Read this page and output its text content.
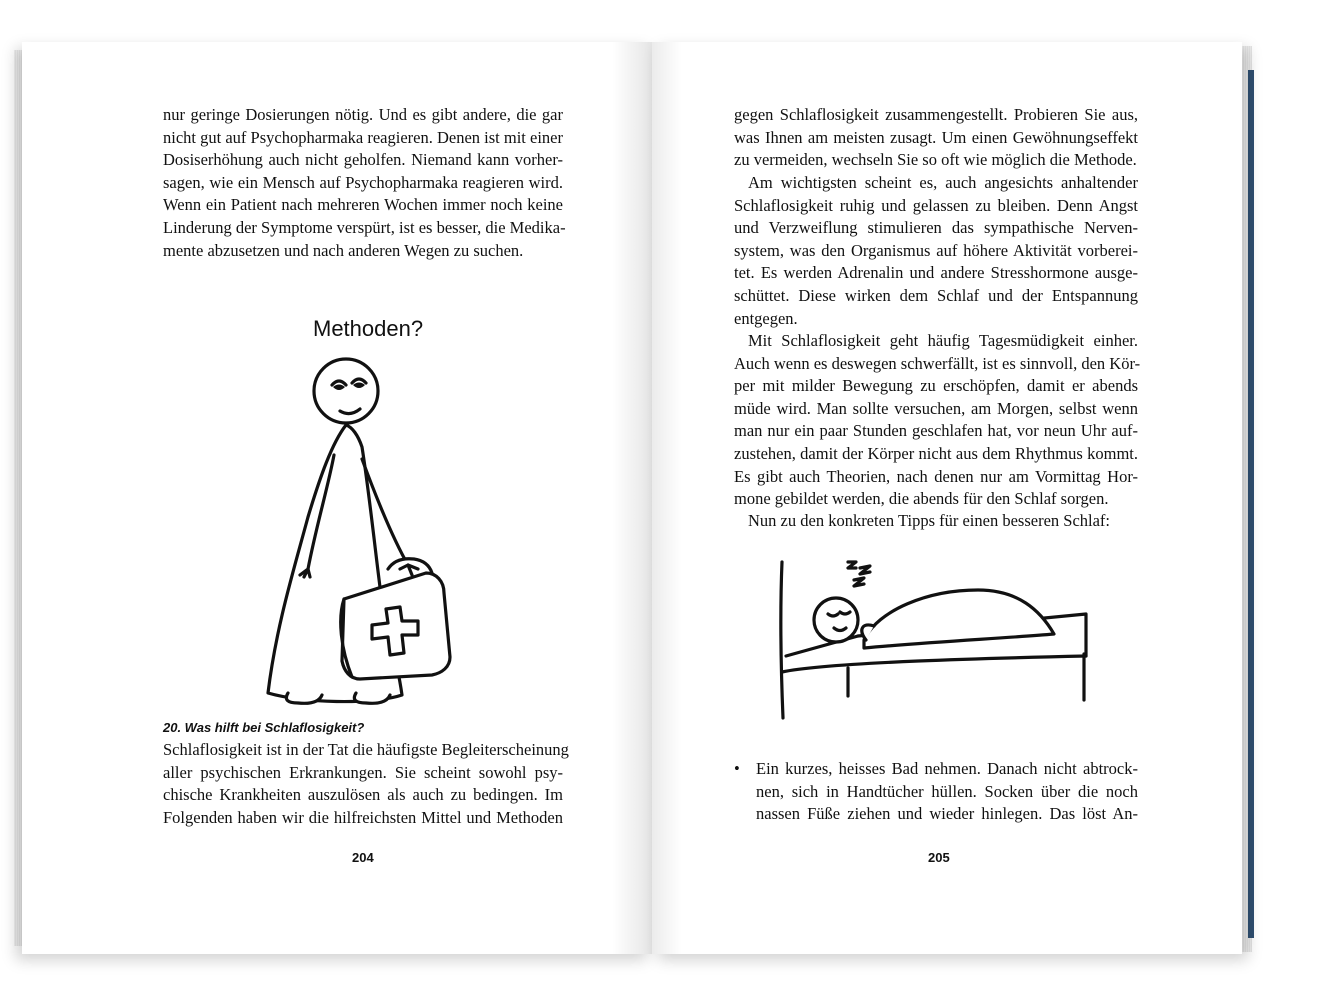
nur geringe Dosierungen nötig. Und es gibt andere, die gar
nicht gut auf Psychopharmaka reagieren. Denen ist mit einer
Dosiserhöhung auch nicht geholfen. Niemand kann vorher-
sagen, wie ein Mensch auf Psychopharmaka reagieren wird.
Wenn ein Patient nach mehreren Wochen immer noch keine
Linderung der Symptome verspürt, ist es besser, die Medika-
mente abzusetzen und nach anderen Wegen zu suchen.
Methoden?
20. Was hilft bei Schlaflosigkeit?
Schlaflosigkeit ist in der Tat die häufigste Begleiterscheinung
aller psychischen Erkrankungen. Sie scheint sowohl psy-
chische Krankheiten auszulösen als auch zu bedingen. Im
Folgenden haben wir die hilfreichsten Mittel und Methoden
204
gegen Schlaflosigkeit zusammengestellt. Probieren Sie aus,
was Ihnen am meisten zusagt. Um einen Gewöhnungseffekt
zu vermeiden, wechseln Sie so oft wie möglich die Methode.
Am wichtigsten scheint es, auch angesichts anhaltender
Schlaflosigkeit ruhig und gelassen zu bleiben. Denn Angst
und Verzweiflung stimulieren das sympathische Nerven-
system, was den Organismus auf höhere Aktivität vorberei-
tet. Es werden Adrenalin und andere Stresshormone ausge-
schüttet. Diese wirken dem Schlaf und der Entspannung
entgegen.
Mit Schlaflosigkeit geht häufig Tagesmüdigkeit einher.
Auch wenn es deswegen schwerfällt, ist es sinnvoll, den Kör-
per mit milder Bewegung zu erschöpfen, damit er abends
müde wird. Man sollte versuchen, am Morgen, selbst wenn
man nur ein paar Stunden geschlafen hat, vor neun Uhr auf-
zustehen, damit der Körper nicht aus dem Rhythmus kommt.
Es gibt auch Theorien, nach denen nur am Vormittag Hor-
mone gebildet werden, die abends für den Schlaf sorgen.
Nun zu den konkreten Tipps für einen besseren Schlaf:
• Ein kurzes, heisses Bad nehmen. Danach nicht abtrock-
nen, sich in Handtücher hüllen. Socken über die noch
nassen Füße ziehen und wieder hinlegen. Das löst An-
205
